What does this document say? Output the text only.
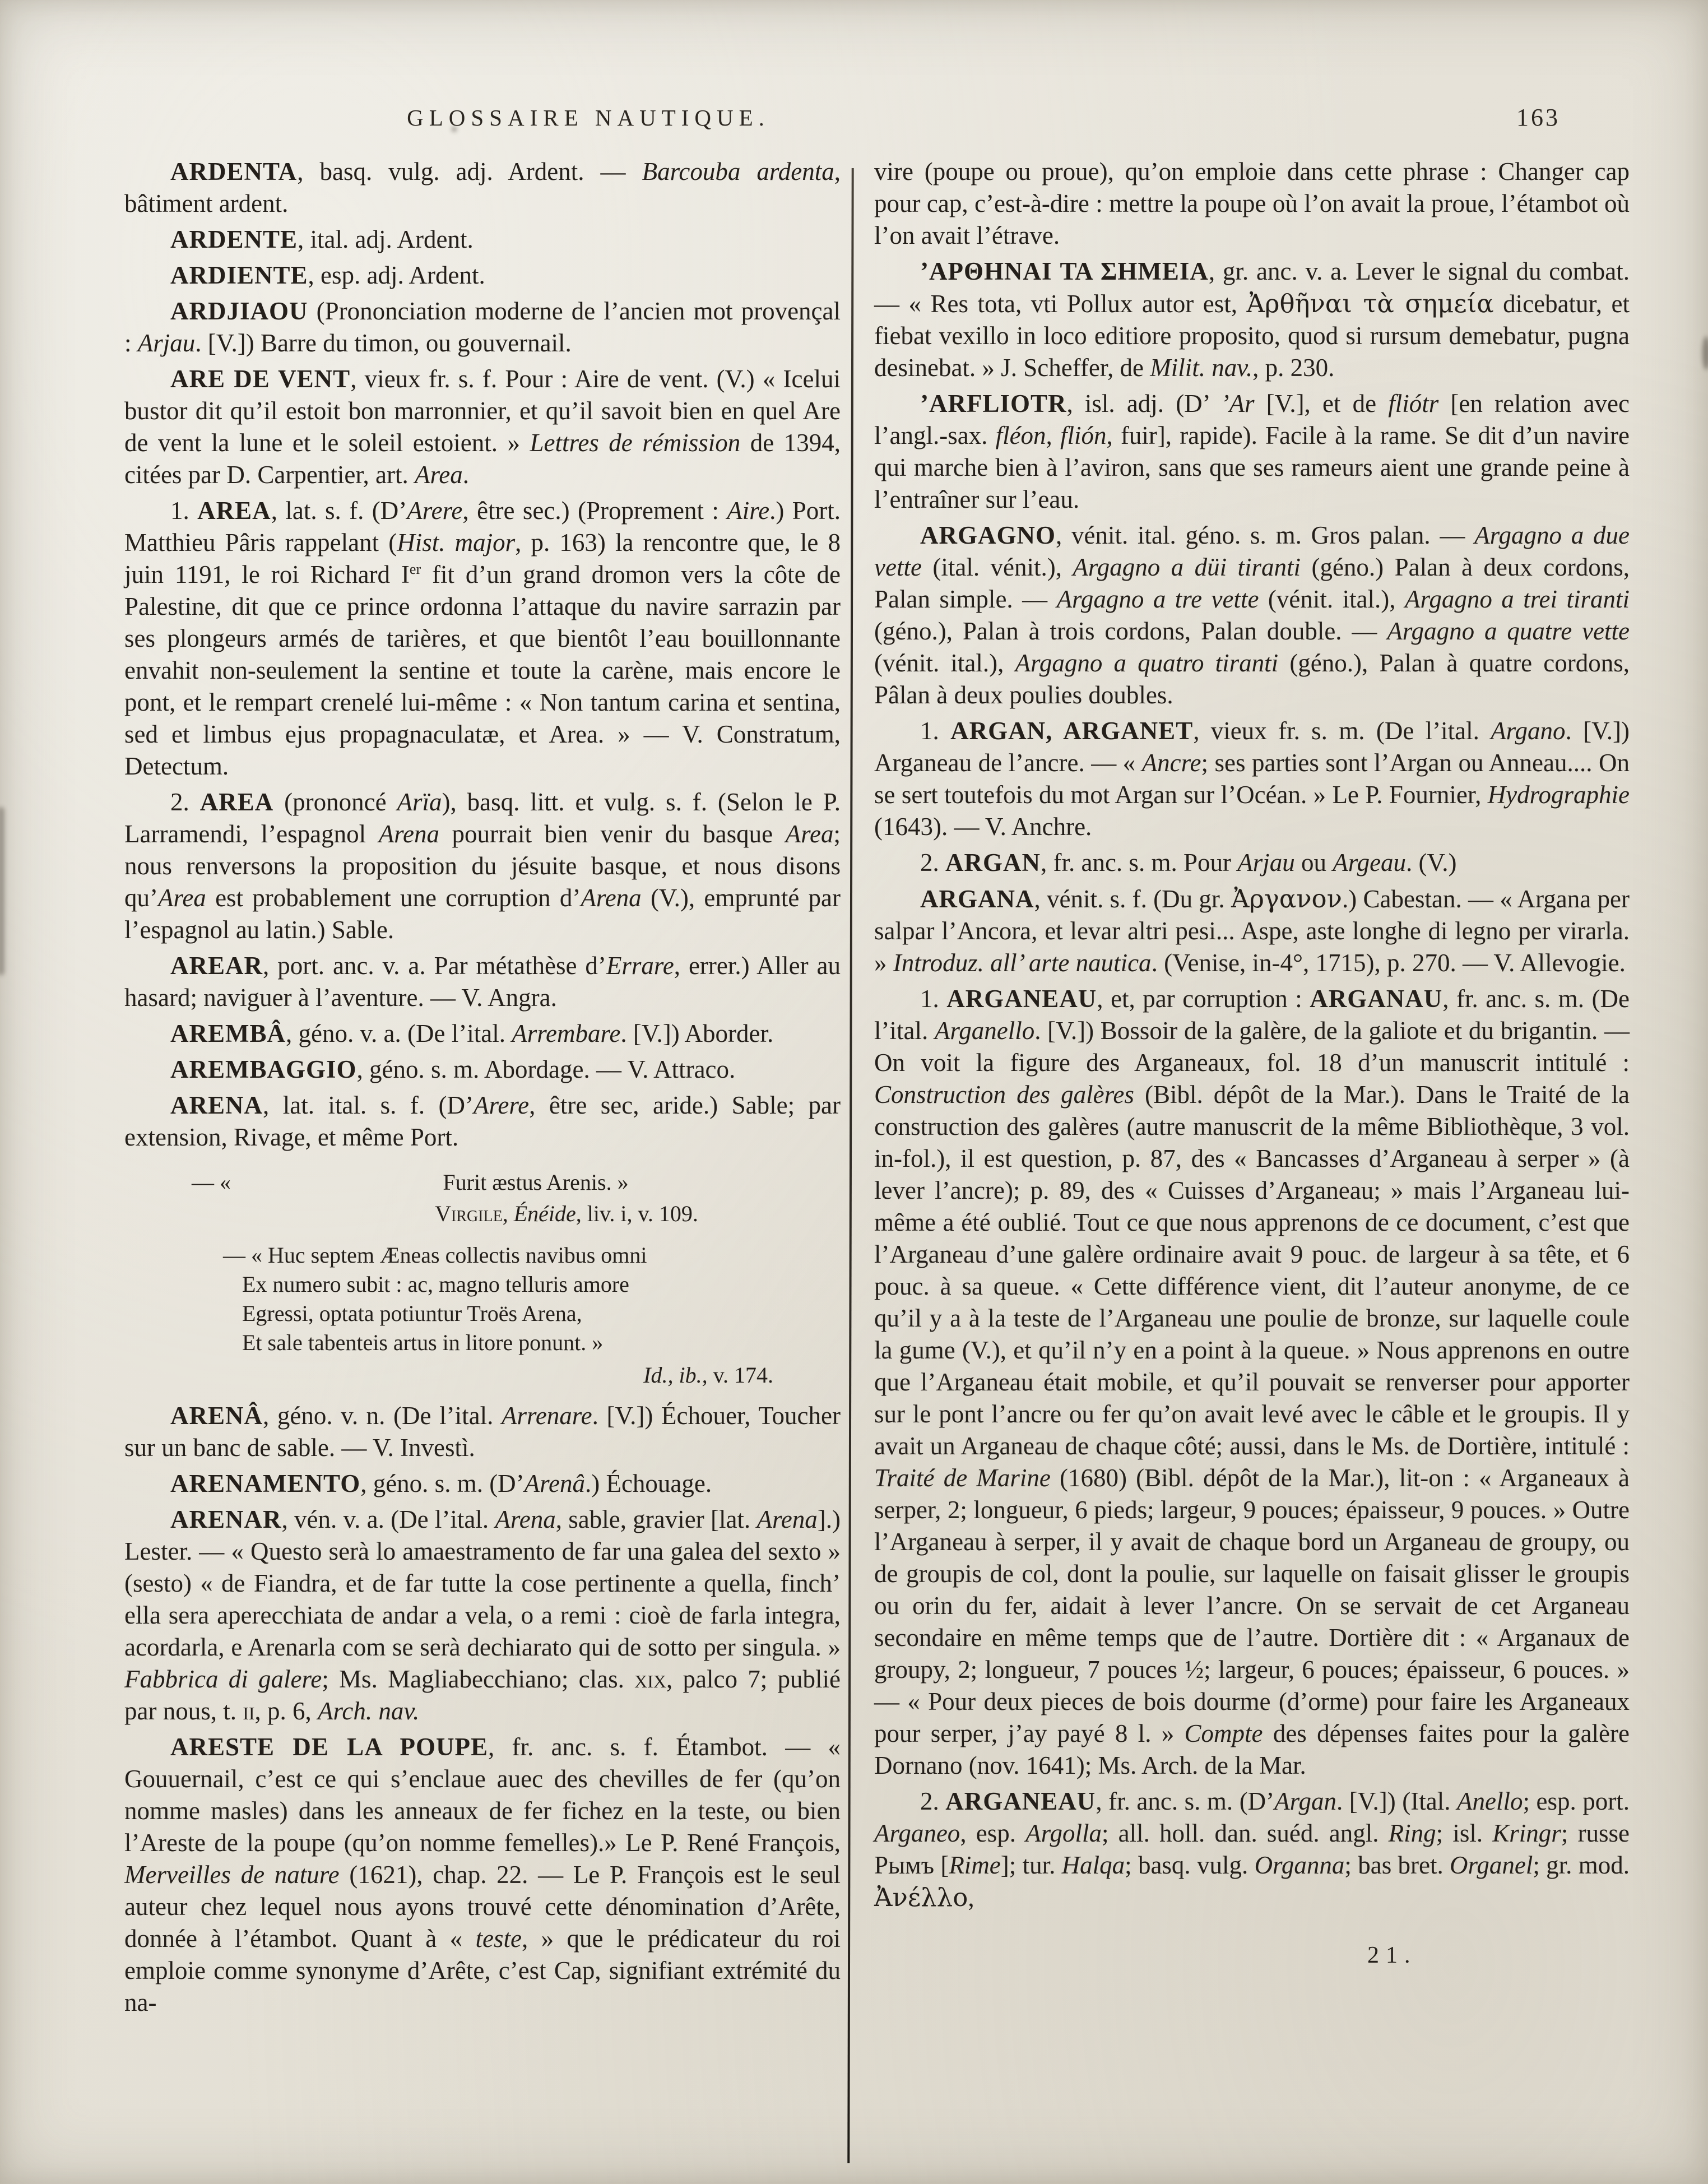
GLOSSAIRE NAUTIQUE.	163

ARDENTA, basq. vulg. adj. Ardent. — Barcouba ardenta, bâtiment ardent.

ARDENTE, ital. adj. Ardent.

ARDIENTE, esp. adj. Ardent.

ARDJIAOU (Prononciation moderne de l’ancien mot provençal : Arjau. [V.]) Barre du timon, ou gouvernail.

ARE DE VENT, vieux fr. s. f. Pour : Aire de vent. (V.) « Icelui bustor dit qu’il estoit bon marronnier, et qu’il savoit bien en quel Are de vent la lune et le soleil estoient. » Lettres de rémission de 1394, citées par D. Carpentier, art. Area.

1. AREA, lat. s. f. (D’Arere, être sec.) (Proprement : Aire.) Port. Matthieu Pâris rappelant (Hist. major, p. 163) la rencontre que, le 8 juin 1191, le roi Richard Ier fit d’un grand dromon vers la côte de Palestine, dit que ce prince ordonna l’attaque du navire sarrazin par ses plongeurs armés de tarières, et que bientôt l’eau bouillonnante envahit non-seulement la sentine et toute la carène, mais encore le pont, et le rempart crenelé lui-même : « Non tantum carina et sentina, sed et limbus ejus propagnaculatæ, et Area. » — V. Constratum, Detectum.

2. AREA (prononcé Arïa), basq. litt. et vulg. s. f. (Selon le P. Larramendi, l’espagnol Arena pourrait bien venir du basque Area; nous renversons la proposition du jésuite basque, et nous disons qu’Area est probablement une corruption d’Arena (V.), emprunté par l’espagnol au latin.) Sable.

AREAR, port. anc. v. a. Par métathèse d’Errare, errer.) Aller au hasard; naviguer à l’aventure. — V. Angra.

AREMBÂ, géno. v. a. (De l’ital. Arrembare. [V.]) Aborder.

AREMBAGGIO, géno. s. m. Abordage. — V. Attraco.

ARENA, lat. ital. s. f. (D’Arere, être sec, aride.) Sable; par extension, Rivage, et même Port.

— «	Furit æstus Arenis. »
Virgile, Énéide, liv. i, v. 109.
— « Huc septem Æneas collectis navibus omni
Ex numero subit : ac, magno telluris amore
Egressi, optata potiuntur Troës Arena,
Et sale tabenteis artus in litore ponunt. »
Id., ib., v. 174.

ARENÂ, géno. v. n. (De l’ital. Arrenare. [V.]) Échouer, Toucher sur un banc de sable. — V. Investì.

ARENAMENTO, géno. s. m. (D’Arenâ.) Échouage.

ARENAR, vén. v. a. (De l’ital. Arena, sable, gravier [lat. Arena].) Lester. — « Questo serà lo amaestramento de far una galea del sexto » (sesto) « de Fiandra, et de far tutte la cose pertinente a quella, finch’ ella sera aperecchiata de andar a vela, o a remi : cioè de farla integra, acordarla, e Arenarla com se serà dechiarato qui de sotto per singula. » Fabbrica di galere; Ms. Magliabecchiano; clas. xix, palco 7; publié par nous, t. ii, p. 6, Arch. nav.

ARESTE DE LA POUPE, fr. anc. s. f. Étambot. — « Gouuernail, c’est ce qui s’enclaue auec des chevilles de fer (qu’on nomme masles) dans les anneaux de fer fichez en la teste, ou bien l’Areste de la poupe (qu’on nomme femelles).» Le P. René François, Merveilles de nature (1621), chap. 22. — Le P. François est le seul auteur chez lequel nous ayons trouvé cette dénomination d’Arête, donnée à l’étambot. Quant à « teste, » que le prédicateur du roi emploie comme synonyme d’Arête, c’est Cap, signifiant extrémité du na-

vire (poupe ou proue), qu’on emploie dans cette phrase : Changer cap pour cap, c’est-à-dire : mettre la poupe où l’on avait la proue, l’étambot où l’on avait l’étrave.

ʼΑΡΘΗΝΑΙ ΤΑ ΣΗΜΕΙΑ, gr. anc. v. a. Lever le signal du combat. — « Res tota, vti Pollux autor est, Ἀρθῆναι τὰ σημεία dicebatur, et fiebat vexillo in loco editiore proposito, quod si rursum demebatur, pugna desinebat. » J. Scheffer, de Milit. nav., p. 230.

’ARFLIOTR, isl. adj. (D’ ’Ar [V.], et de fliótr [en relation avec l’angl.-sax. fléon, flión, fuir], rapide). Facile à la rame. Se dit d’un navire qui marche bien à l’aviron, sans que ses rameurs aient une grande peine à l’entraîner sur l’eau.

ARGAGNO, vénit. ital. géno. s. m. Gros palan. — Argagno a due vette (ital. vénit.), Argagno a düi tiranti (géno.) Palan à deux cordons, Palan simple. — Argagno a tre vette (vénit. ital.), Argagno a trei tiranti (géno.), Palan à trois cordons, Palan double. — Argagno a quatre vette (vénit. ital.), Argagno a quatro tiranti (géno.), Palan à quatre cordons, Pâlan à deux poulies doubles.

1. ARGAN, ARGANET, vieux fr. s. m. (De l’ital. Argano. [V.]) Arganeau de l’ancre. — « Ancre; ses parties sont l’Argan ou Anneau.... On se sert toutefois du mot Argan sur l’Océan. » Le P. Fournier, Hydrographie (1643). — V. Anchre.

2. ARGAN, fr. anc. s. m. Pour Arjau ou Argeau. (V.)

ARGANA, vénit. s. f. (Du gr. Ἀργανον.) Cabestan. — « Argana per salpar l’Ancora, et levar altri pesi... Aspe, aste longhe di legno per virarla. » Introduz. all’ arte nautica. (Venise, in-4°, 1715), p. 270. — V. Allevogie.

1. ARGANEAU, et, par corruption : ARGANAU, fr. anc. s. m. (De l’ital. Arganello. [V.]) Bossoir de la galère, de la galiote et du brigantin. — On voit la figure des Arganeaux, fol. 18 d’un manuscrit intitulé : Construction des galères (Bibl. dépôt de la Mar.). Dans le Traité de la construction des galères (autre manuscrit de la même Bibliothèque, 3 vol. in-fol.), il est question, p. 87, des « Bancasses d’Arganeau à serper » (à lever l’ancre); p. 89, des « Cuisses d’Arganeau; » mais l’Arganeau lui-même a été oublié. Tout ce que nous apprenons de ce document, c’est que l’Arganeau d’une galère ordinaire avait 9 pouc. de largeur à sa tête, et 6 pouc. à sa queue. « Cette différence vient, dit l’auteur anonyme, de ce qu’il y a à la teste de l’Arganeau une poulie de bronze, sur laquelle coule la gume (V.), et qu’il n’y en a point à la queue. » Nous apprenons en outre que l’Arganeau était mobile, et qu’il pouvait se renverser pour apporter sur le pont l’ancre ou fer qu’on avait levé avec le câble et le groupis. Il y avait un Arganeau de chaque côté; aussi, dans le Ms. de Dortière, intitulé : Traité de Marine (1680) (Bibl. dépôt de la Mar.), lit-on : « Arganeaux à serper, 2; longueur, 6 pieds; largeur, 9 pouces; épaisseur, 9 pouces. » Outre l’Arganeau à serper, il y avait de chaque bord un Arganeau de groupy, ou de groupis de col, dont la poulie, sur laquelle on faisait glisser le groupis ou orin du fer, aidait à lever l’ancre. On se servait de cet Arganeau secondaire en même temps que de l’autre. Dortière dit : « Arganaux de groupy, 2; longueur, 7 pouces ½; largeur, 6 pouces; épaisseur, 6 pouces. » — « Pour deux pieces de bois dourme (d’orme) pour faire les Arganeaux pour serper, j’ay payé 8 l. » Compte des dépenses faites pour la galère Dornano (nov. 1641); Ms. Arch. de la Mar.

2. ARGANEAU, fr. anc. s. m. (D’Argan. [V.]) (Ital. Anello; esp. port. Arganeo, esp. Argolla; all. holl. dan. suéd. angl. Ring; isl. Kringr; russe Рымъ [Rime]; tur. Halqa; basq. vulg. Organna; bas bret. Organel; gr. mod. Ἀνέλλο,

21.
